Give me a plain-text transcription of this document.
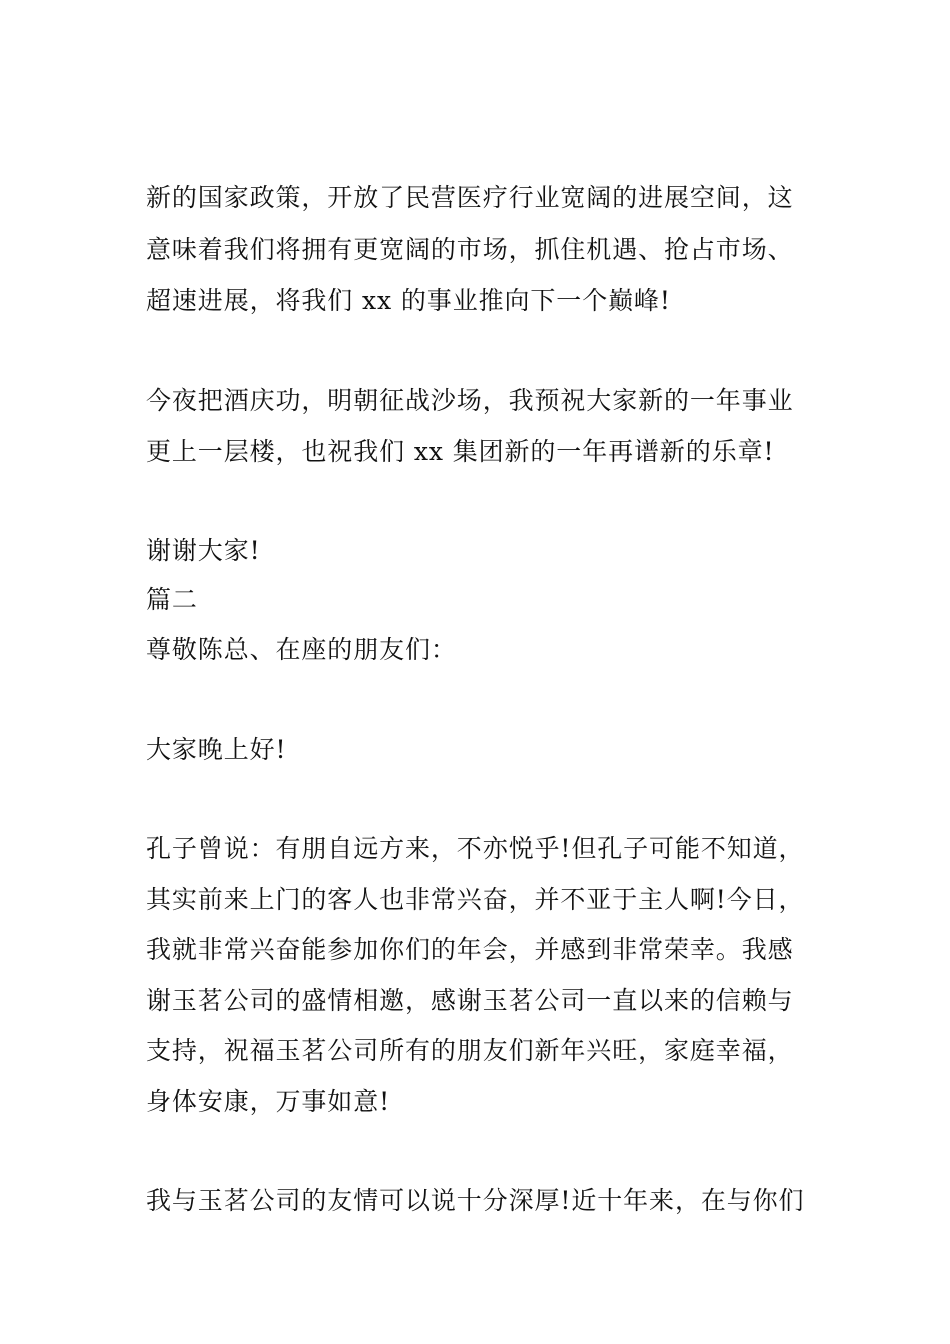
新的国家政策，开放了民营医疗行业宽阔的进展空间，这
意味着我们将拥有更宽阔的市场，抓住机遇、抢占市场、
超速进展，将我们 xx 的事业推向下一个巅峰!
今夜把酒庆功，明朝征战沙场，我预祝大家新的一年事业
更上一层楼，也祝我们 xx 集团新的一年再谱新的乐章!
谢谢大家!
篇二
尊敬陈总、在座的朋友们：
大家晚上好!
孔子曾说：有朋自远方来，不亦悦乎!但孔子可能不知道，
其实前来上门的客人也非常兴奋，并不亚于主人啊!今日，
我就非常兴奋能参加你们的年会，并感到非常荣幸。我感
谢玉茗公司的盛情相邀，感谢玉茗公司一直以来的信赖与
支持，祝福玉茗公司所有的朋友们新年兴旺，家庭幸福，
身体安康，万事如意!
我与玉茗公司的友情可以说十分深厚!近十年来，在与你们
